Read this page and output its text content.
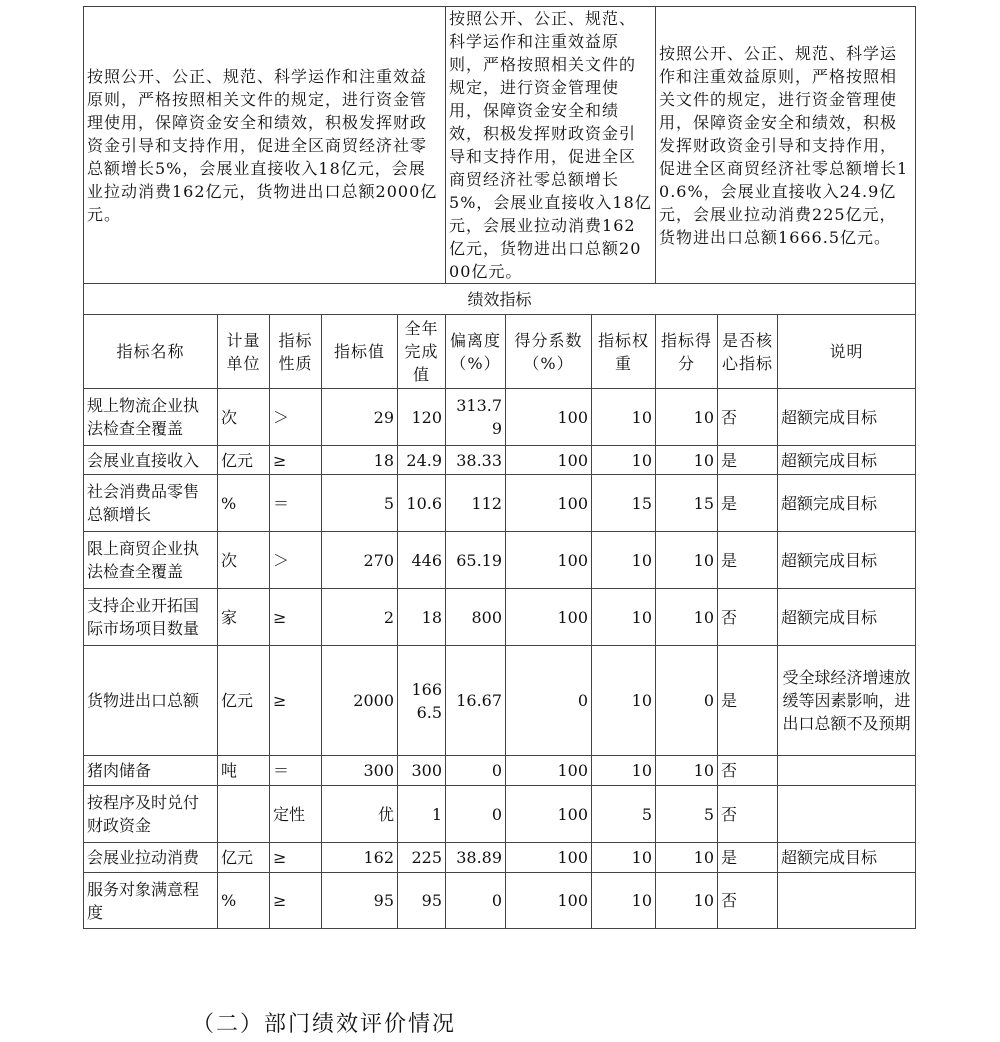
按照公开、公正、规范、科学运作和注重效益原则，严格按照相关文件的规定，进行资金管理使用，保障资金安全和绩效，积极发挥财政资金引导和支持作用，促进全区商贸经济社零总额增长5%，会展业直接收入18亿元，会展业拉动消费162亿元，货物进出口总额2000亿元。					按照公开、公正、规范、科学运作和注重效益原则，严格按照相关文件的规定，进行资金管理使用，保障资金安全和绩效，积极发挥财政资金引导和支持作用，促进全区商贸经济社零总额增长5%，会展业直接收入18亿元，会展业拉动消费162亿元，货物进出口总额2000亿元。			按照公开、公正、规范、科学运作和注重效益原则，严格按照相关文件的规定，进行资金管理使用，保障资金安全和绩效，积极发挥财政资金引导和支持作用，促进全区商贸经济社零总额增长10.6%，会展业直接收入24.9亿元，会展业拉动消费225亿元，货物进出口总额1666.5亿元。		
绩效指标										
指标名称	计量单位	指标性质	指标值	全年完成值	偏离度（%）	得分系数（%）	指标权重	指标得分	是否核心指标	说明
规上物流企业执法检查全覆盖	次	＞	29	120	313.79	100	10	10	否	超额完成目标
会展业直接收入	亿元	≥	18	24.9	38.33	100	10	10	是	超额完成目标
社会消费品零售总额增长	%	＝	5	10.6	112	100	15	15	是	超额完成目标
限上商贸企业执法检查全覆盖	次	＞	270	446	65.19	100	10	10	是	超额完成目标
支持企业开拓国际市场项目数量	家	≥	2	18	800	100	10	10	否	超额完成目标
货物进出口总额	亿元	≥	2000	1666.5	16.67	0	10	0	是	受全球经济增速放缓等因素影响，进出口总额不及预期
猪肉储备	吨	＝	300	300	0	100	10	10	否	
按程序及时兑付财政资金		定性	优	1	0	100	5	5	否	
会展业拉动消费	亿元	≥	162	225	38.89	100	10	10	是	超额完成目标
服务对象满意程度	%	≥	95	95	0	100	10	10	否	
（二）部门绩效评价情况
